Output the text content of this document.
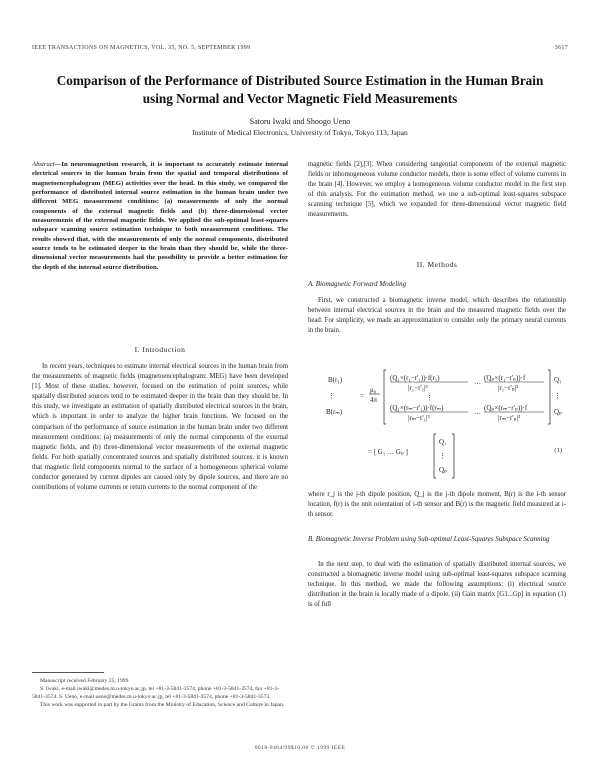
IEEE TRANSACTIONS ON MAGNETICS, VOL. 35, NO. 5, SEPTEMBER 1999	3617
Comparison of the Performance of Distributed Source Estimation in the Human Brain using Normal and Vector Magnetic Field Measurements
Satoru Iwaki and Shoogo Ueno
Institute of Medical Electronics, University of Tokyo, Tokyo 113, Japan
Abstract—In neuromagnetism research, it is important to accurately estimate internal electrical sources in the human brain from the spatial and temporal distributions of magnetoencephalogram (MEG) activities over the head. In this study, we compared the performance of distributed internal source estimation in the human brain under two different MEG measurement conditions: (a) measurements of only the normal components of the external magnetic fields and (b) three-dimensional vector measurements of the external magnetic fields. We applied the sub-optimal least-squares subspace scanning source estimation technique to both measurement conditions. The results showed that, with the measurements of only the normal components, distributed source tends to be estimated deeper in the brain than they should be, while the three-dimensional vector measurements had the possibility to provide a better estimation for the depth of the internal source distribution.
I. Introduction

In recent years, techniques to estimate internal electrical sources in the human brain from the measurements of magnetic fields (magnetoencephalogram: MEG) have been developed [1]. Most of these studies, however, focused on the estimation of point sources, while spatially distributed sources tend to be estimated deeper in the brain than they should be. In this study, we investigate an estimation of spatially distributed electrical sources in the brain, which is important in order to analyze the higher brain functions. We focused on the comparison of the performance of source estimation in the human brain under two different measurement conditions: (a) measurements of only the normal components of the external magnetic fields, and (b) three-dimensional vector measurements of the external magnetic fields. For both spatially concentrated sources and spatially distributed sources, it is known that magnetic field components normal to the surface of a homogeneous spherical volume conductor generated by current dipoles are caused only by dipole sources, and there are no contributions of volume currents or return currents to the normal component of the

Manuscript received February 25, 1999.

S. Iwaki, e-mail iwaki@medes.m.u-tokyo.ac.jp, tel +81-3-5841-3574, phone +81-3-5841-3574, fax +81-3-5841-3574. S. Ueno, e-mail ueno@medes.m.u-tokyo.ac.jp, tel +81-3-5841-3574, phone +81-3-5841-3573.

This work was supported in part by the Grants from the Ministry of Education, Science and Culture in Japan.

magnetic fields [2],[3]. When considering tangential components of the external magnetic fields or inhomogeneous volume conductor models, there is some effect of volume currents in the brain [4]. However, we employ a homogeneous volume conductor model in the first step of this analysis. For the estimation method, we use a sub-optimal least-squares subspace scanning technique [5], which we expanded for three-dimensional vector magnetic field measurements.

II. Methods
A. Biomagnetic Forward Modeling

First, we constructed a biomagnetic inverse model, which describes the relationship between internal electrical sources in the brain and the measured magnetic fields over the head. For simplicity, we made an approximation to consider only the primary neural currents in the brain.

B(r₁)
⋮
B(rₘ)
=
μ₀
4π
(Q₁×(r₁−r'₁))·f(r₁)
|r₁−r'₁|³
… (Qₚ×(r₁−r'ₚ))·f
|r₁−r'ₚ|³
⋮
(Q₁×(rₘ−r'₁))·f(rₘ)
|rₘ−r'₁|³
… (Qₚ×(rₘ−r'ₚ))·f
|rₘ−r'ₚ|³
Q₁
⋮
Qₚ
= [ G₁ … Gₚ ]
Q₁
⋮
Qₚ
(1)

where r_j is the j-th dipole position, Q_j is the j-th dipole moment, B(r) is the i-th sensor location, f(r) is the unit orientation of i-th sensor and B(r) is the magnetic field measured at i-th sensor.

B. Biomagnetic Inverse Problem using Sub-optimal Least-Squares Subspace Scanning

In the next step, to deal with the estimation of spatially distributed internal sources, we constructed a biomagnetic inverse model using sub-optimal least-squares subspace scanning technique. In this method, we made the following assumptions: (i) electrical source distribution in the brain is locally made of a dipole, (ii) Gain matrix [G1...Gp] in equation (1) is of full

0018-9464/99$10.00 © 1999 IEEE
